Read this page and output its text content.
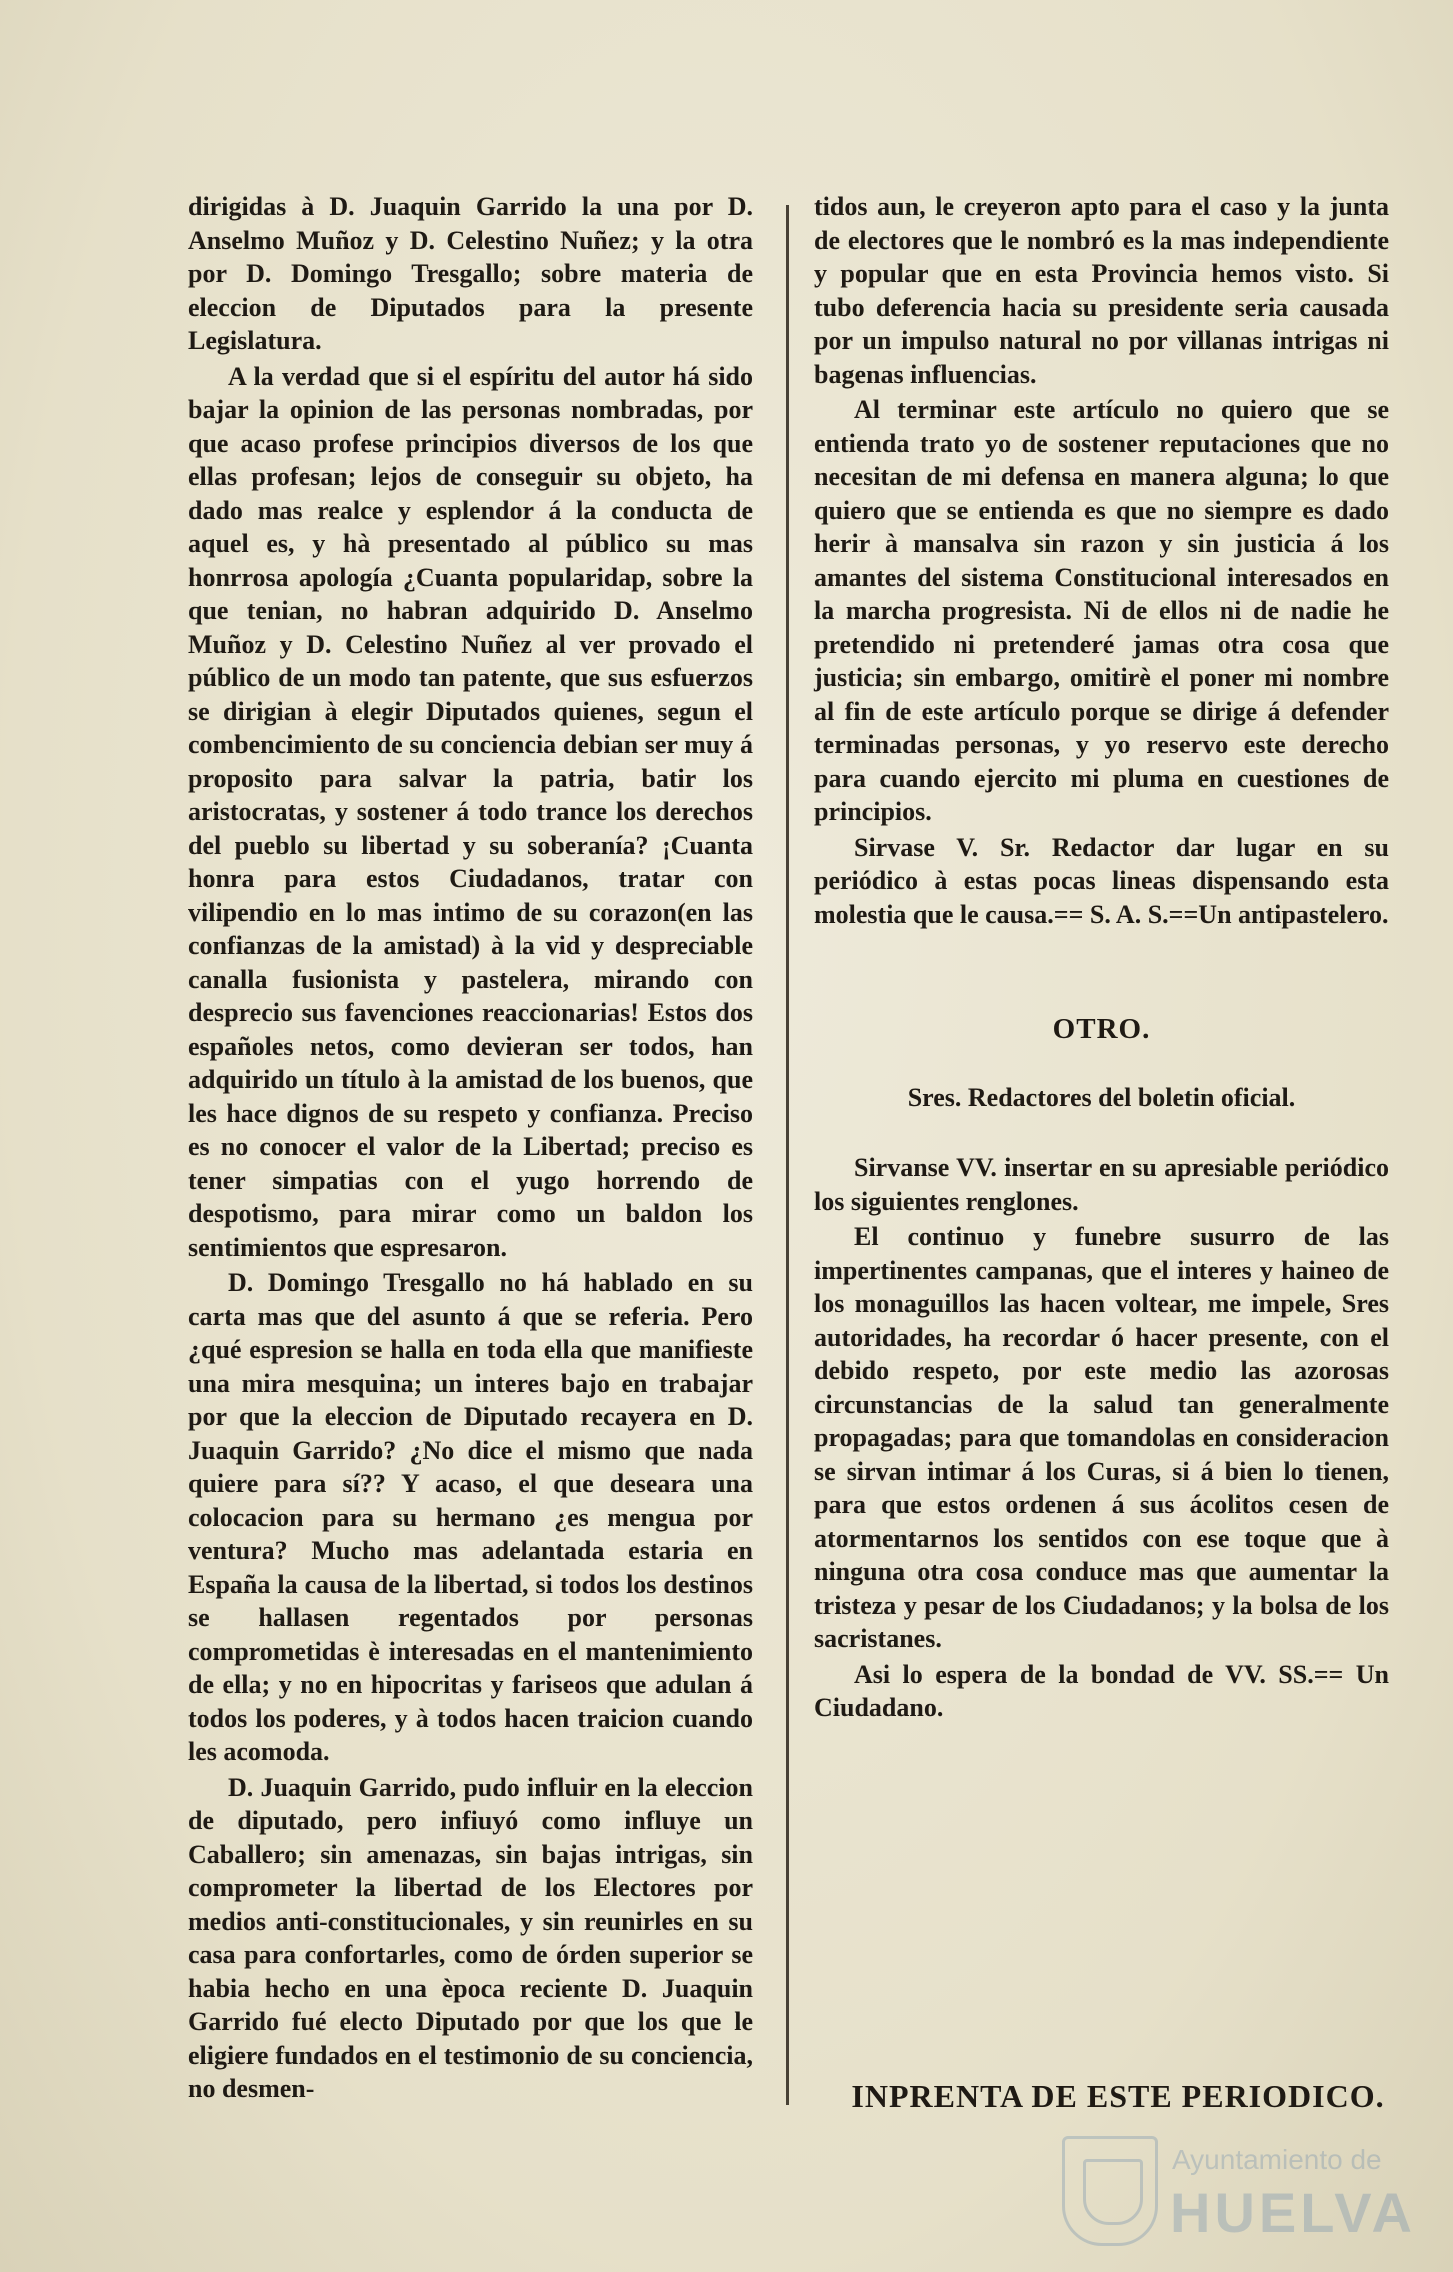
dirigidas à D. Juaquin Garrido la una por D. Anselmo Muñoz y D. Celestino Nuñez; y la otra por D. Domingo Tresgallo; sobre materia de eleccion de Diputados para la presente Legislatura.

A la verdad que si el espíritu del autor há sido bajar la opinion de las personas nombradas, por que acaso profese principios diversos de los que ellas profesan; lejos de conseguir su objeto, ha dado mas realce y esplendor á la conducta de aquel es, y hà presentado al público su mas honrrosa apología ¿Cuanta popularidap, sobre la que tenian, no habran adquirido D. Anselmo Muñoz y D. Celestino Nuñez al ver provado el público de un modo tan patente, que sus esfuerzos se dirigian à elegir Diputados quienes, segun el combencimiento de su conciencia debian ser muy á proposito para salvar la patria, batir los aristocratas, y sostener á todo trance los derechos del pueblo su libertad y su soberanía? ¡Cuanta honra para estos Ciudadanos, tratar con vilipendio en lo mas intimo de su corazon(en las confianzas de la amistad) à la vid y despreciable canalla fusionista y pastelera, mirando con desprecio sus favenciones reaccionarias! Estos dos españoles netos, como devieran ser todos, han adquirido un título à la amistad de los buenos, que les hace dignos de su respeto y confianza. Preciso es no conocer el valor de la Libertad; preciso es tener simpatias con el yugo horrendo de despotismo, para mirar como un baldon los sentimientos que espresaron.

D. Domingo Tresgallo no há hablado en su carta mas que del asunto á que se referia. Pero ¿qué espresion se halla en toda ella que manifieste una mira mesquina; un interes bajo en trabajar por que la eleccion de Diputado recayera en D. Juaquin Garrido? ¿No dice el mismo que nada quiere para sí?? Y acaso, el que deseara una colocacion para su hermano ¿es mengua por ventura? Mucho mas adelantada estaria en España la causa de la libertad, si todos los destinos se hallasen regentados por personas comprometidas è interesadas en el mantenimiento de ella; y no en hipocritas y fariseos que adulan á todos los poderes, y à todos hacen traicion cuando les acomoda.

D. Juaquin Garrido, pudo influir en la eleccion de diputado, pero infiuyó como influye un Caballero; sin amenazas, sin bajas intrigas, sin comprometer la libertad de los Electores por medios anti-constitucionales, y sin reunirles en su casa para confortarles, como de órden superior se habia hecho en una època reciente D. Juaquin Garrido fué electo Diputado por que los que le eligiere fundados en el testimonio de su conciencia, no desmen-

tidos aun, le creyeron apto para el caso y la junta de electores que le nombró es la mas independiente y popular que en esta Provincia hemos visto. Si tubo deferencia hacia su presidente seria causada por un impulso natural no por villanas intrigas ni bagenas influencias.

Al terminar este artículo no quiero que se entienda trato yo de sostener reputaciones que no necesitan de mi defensa en manera alguna; lo que quiero que se entienda es que no siempre es dado herir à mansalva sin razon y sin justicia á los amantes del sistema Constitucional interesados en la marcha progresista. Ni de ellos ni de nadie he pretendido ni pretenderé jamas otra cosa que justicia; sin embargo, omitirè el poner mi nombre al fin de este artículo porque se dirige á defender terminadas personas, y yo reservo este derecho para cuando ejercito mi pluma en cuestiones de principios.

Sirvase V. Sr. Redactor dar lugar en su periódico à estas pocas lineas dispensando esta molestia que le causa.== S. A. S.==Un antipastelero.

OTRO.
Sres. Redactores del boletin oficial.

Sirvanse VV. insertar en su apresiable periódico los siguientes renglones.

El continuo y funebre susurro de las impertinentes campanas, que el interes y haineo de los monaguillos las hacen voltear, me impele, Sres autoridades, ha recordar ó hacer presente, con el debido respeto, por este medio las azorosas circunstancias de la salud tan generalmente propagadas; para que tomandolas en consideracion se sirvan intimar á los Curas, si á bien lo tienen, para que estos ordenen á sus ácolitos cesen de atormentarnos los sentidos con ese toque que à ninguna otra cosa conduce mas que aumentar la tristeza y pesar de los Ciudadanos; y la bolsa de los sacristanes.

Asi lo espera de la bondad de VV. SS.== Un Ciudadano.

INPRENTA DE ESTE PERIODICO.
Ayuntamiento de
HUELVA
